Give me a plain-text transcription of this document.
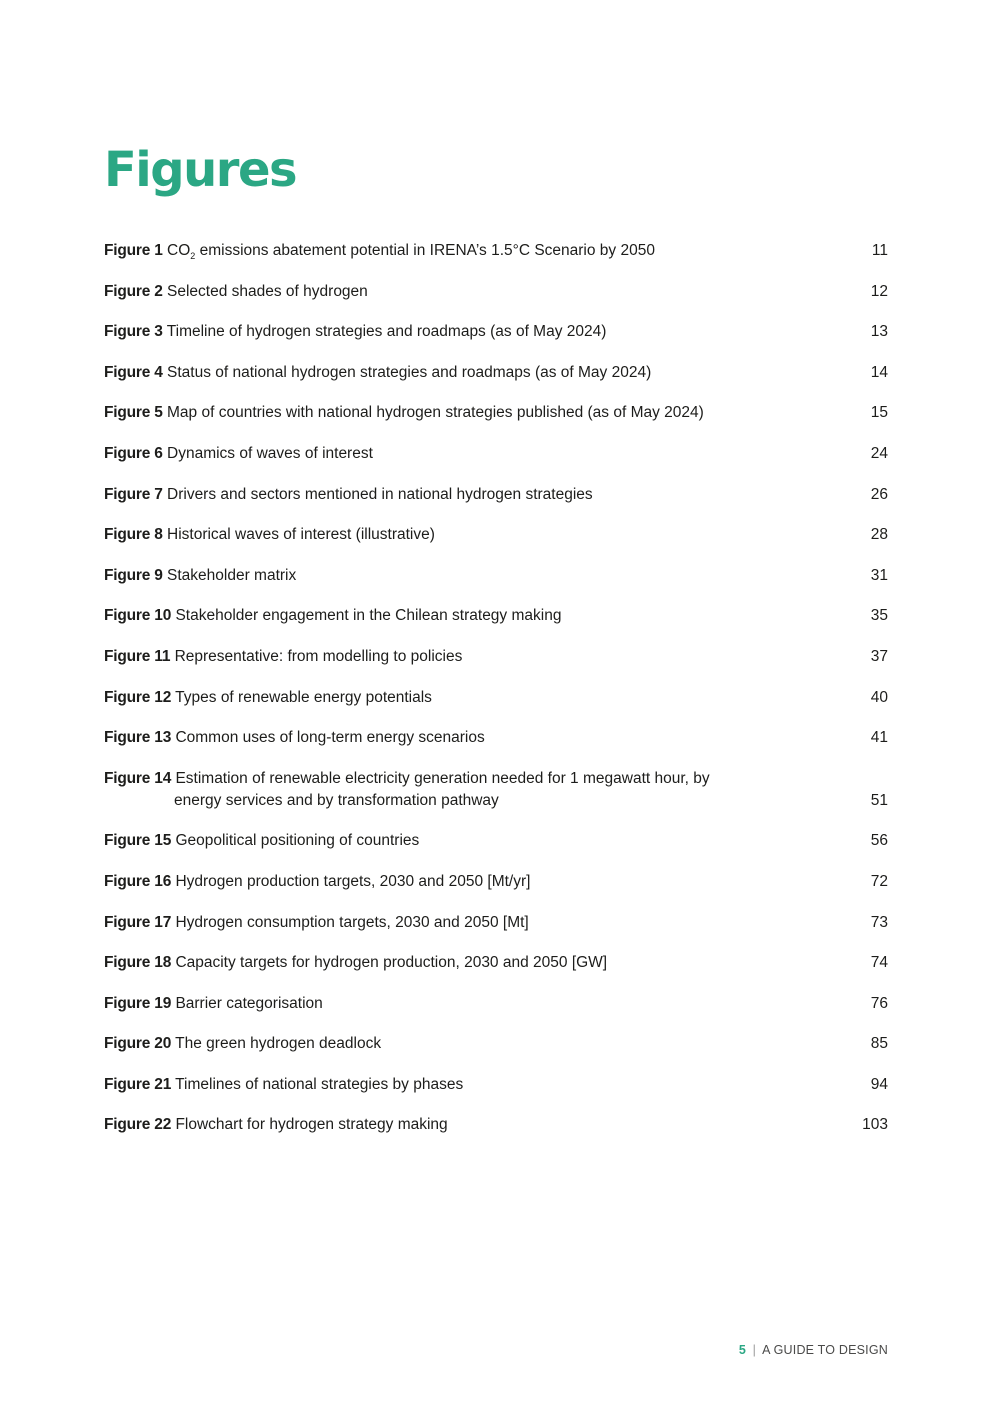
Figures
Figure 1 $CO_2$ emissions abatement potential in IRENA’s 1.5°C Scenario by 2050	11
Figure 2 Selected shades of hydrogen	12
Figure 3 Timeline of hydrogen strategies and roadmaps (as of May 2024)	13
Figure 4 Status of national hydrogen strategies and roadmaps (as of May 2024)	14
Figure 5 Map of countries with national hydrogen strategies published (as of May 2024)	15
Figure 6 Dynamics of waves of interest	24
Figure 7 Drivers and sectors mentioned in national hydrogen strategies	26
Figure 8 Historical waves of interest (illustrative)	28
Figure 9 Stakeholder matrix	31
Figure 10 Stakeholder engagement in the Chilean strategy making	35
Figure 11 Representative: from modelling to policies	37
Figure 12 Types of renewable energy potentials	40
Figure 13 Common uses of long-term energy scenarios	41
Figure 14 Estimation of renewable electricity generation needed for 1 megawatt hour, by energy services and by transformation pathway	51
Figure 15 Geopolitical positioning of countries	56
Figure 16 Hydrogen production targets, 2030 and 2050 [Mt/yr]	72
Figure 17 Hydrogen consumption targets, 2030 and 2050 [Mt]	73
Figure 18 Capacity targets for hydrogen production, 2030 and 2050 [GW]	74
Figure 19 Barrier categorisation	76
Figure 20 The green hydrogen deadlock	85
Figure 21 Timelines of national strategies by phases	94
Figure 22 Flowchart for hydrogen strategy making	103
5 | A GUIDE TO DESIGN
